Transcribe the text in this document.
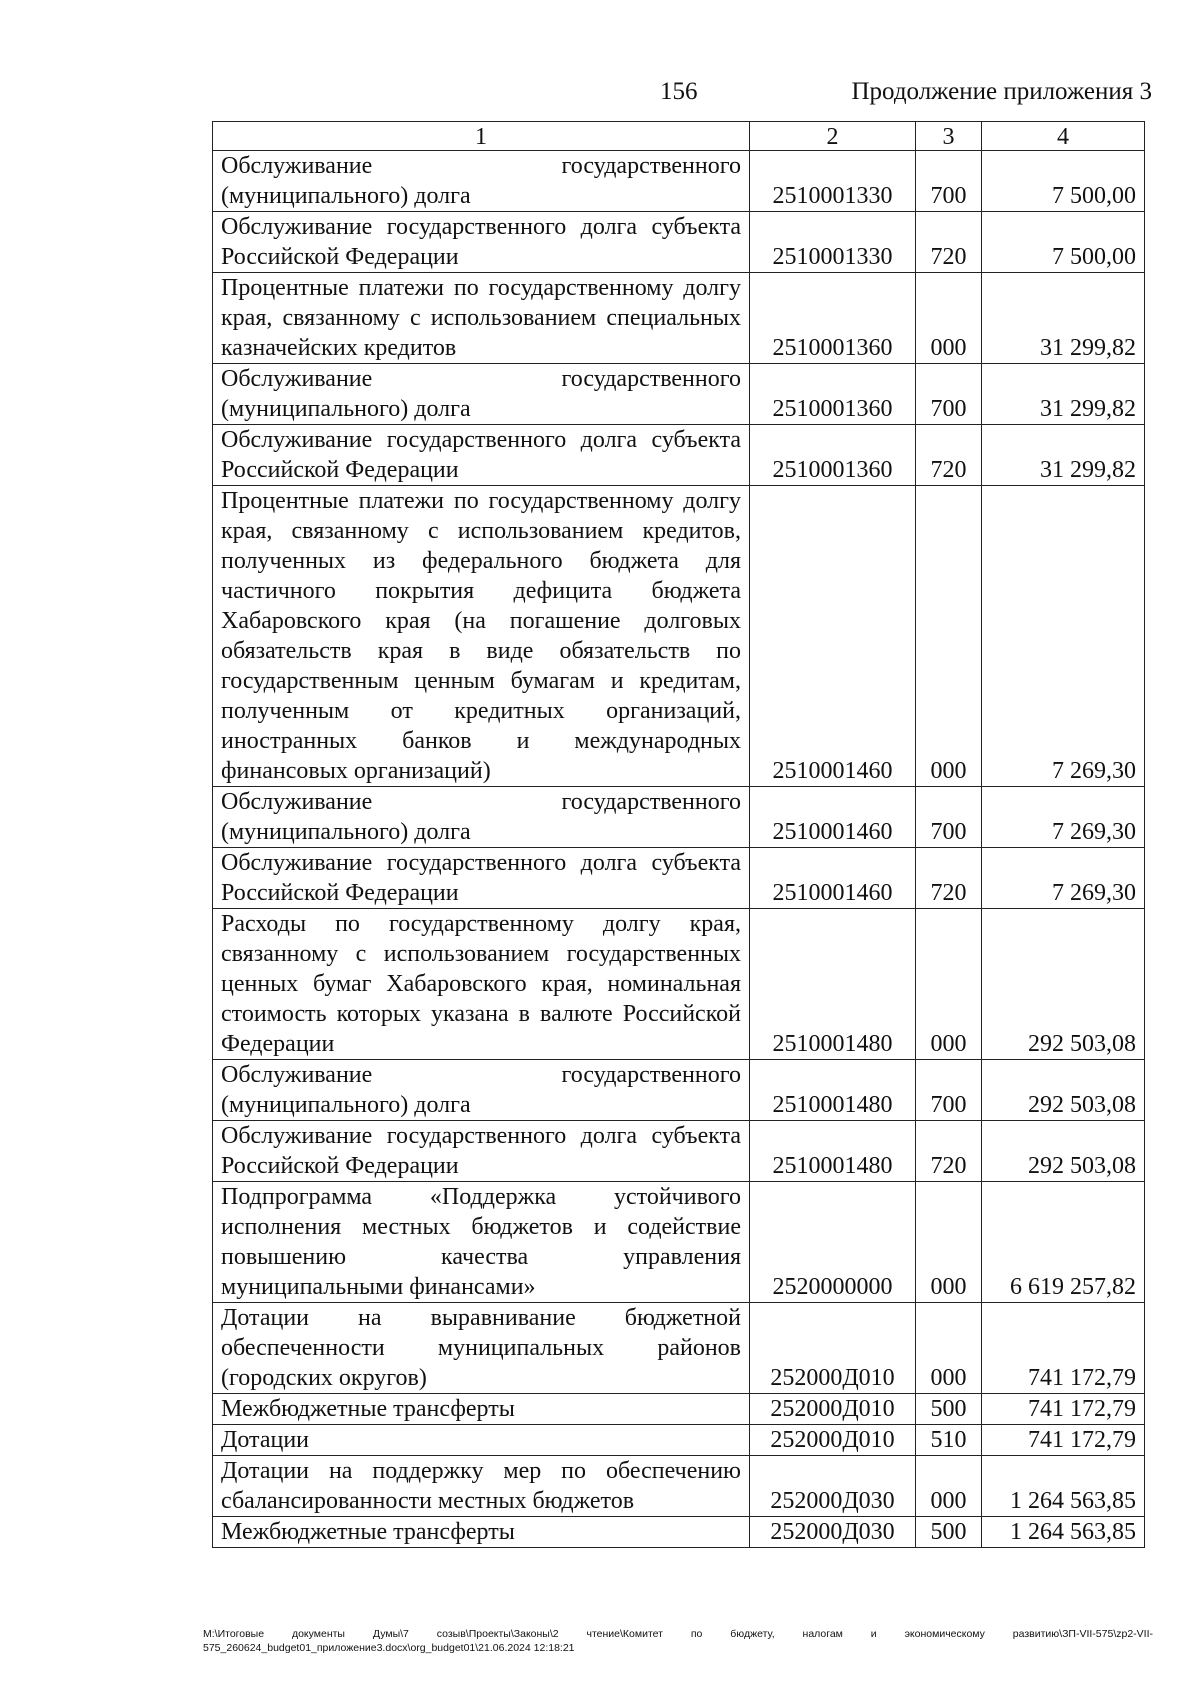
156	Продолжение приложения 3
1	2	3	4
Обслуживание государственного (муниципального) долга	2510001330	700	7 500,00
Обслуживание государственного долга субъекта Российской Федерации	2510001330	720	7 500,00
Процентные платежи по государственному долгу края, связанному с использованием специальных казначейских кредитов	2510001360	000	31 299,82
Обслуживание государственного (муниципального) долга	2510001360	700	31 299,82
Обслуживание государственного долга субъекта Российской Федерации	2510001360	720	31 299,82
Процентные платежи по государственному долгу края, связанному с использованием кредитов, полученных из федерального бюджета для частичного покрытия дефицита бюджета Хабаровского края (на погашение долговых обязательств края в виде обязательств по государственным ценным бумагам и кредитам, полученным от кредитных организаций, иностранных банков и международных финансовых организаций)	2510001460	000	7 269,30
Обслуживание государственного (муниципального) долга	2510001460	700	7 269,30
Обслуживание государственного долга субъекта Российской Федерации	2510001460	720	7 269,30
Расходы по государственному долгу края, связанному с использованием государственных ценных бумаг Хабаровского края, номинальная стоимость которых указана в валюте Российской Федерации	2510001480	000	292 503,08
Обслуживание государственного (муниципального) долга	2510001480	700	292 503,08
Обслуживание государственного долга субъекта Российской Федерации	2510001480	720	292 503,08
Подпрограмма «Поддержка устойчивого исполнения местных бюджетов и содействие повышению качества управления муниципальными финансами»	2520000000	000	6 619 257,82
Дотации на выравнивание бюджетной обеспеченности муниципальных районов (городских округов)	252000Д010	000	741 172,79
Межбюджетные трансферты	252000Д010	500	741 172,79
Дотации	252000Д010	510	741 172,79
Дотации на поддержку мер по обеспечению сбалансированности местных бюджетов	252000Д030	000	1 264 563,85
Межбюджетные трансферты	252000Д030	500	1 264 563,85
M:\Итоговые документы Думы\7 созыв\Проекты\Законы\2 чтение\Комитет по бюджету, налогам и экономическому развитию\ЗП-VII-575\zp2-VII-575_260624_budget01_приложение3.docx\org_budget01\21.06.2024 12:18:21
